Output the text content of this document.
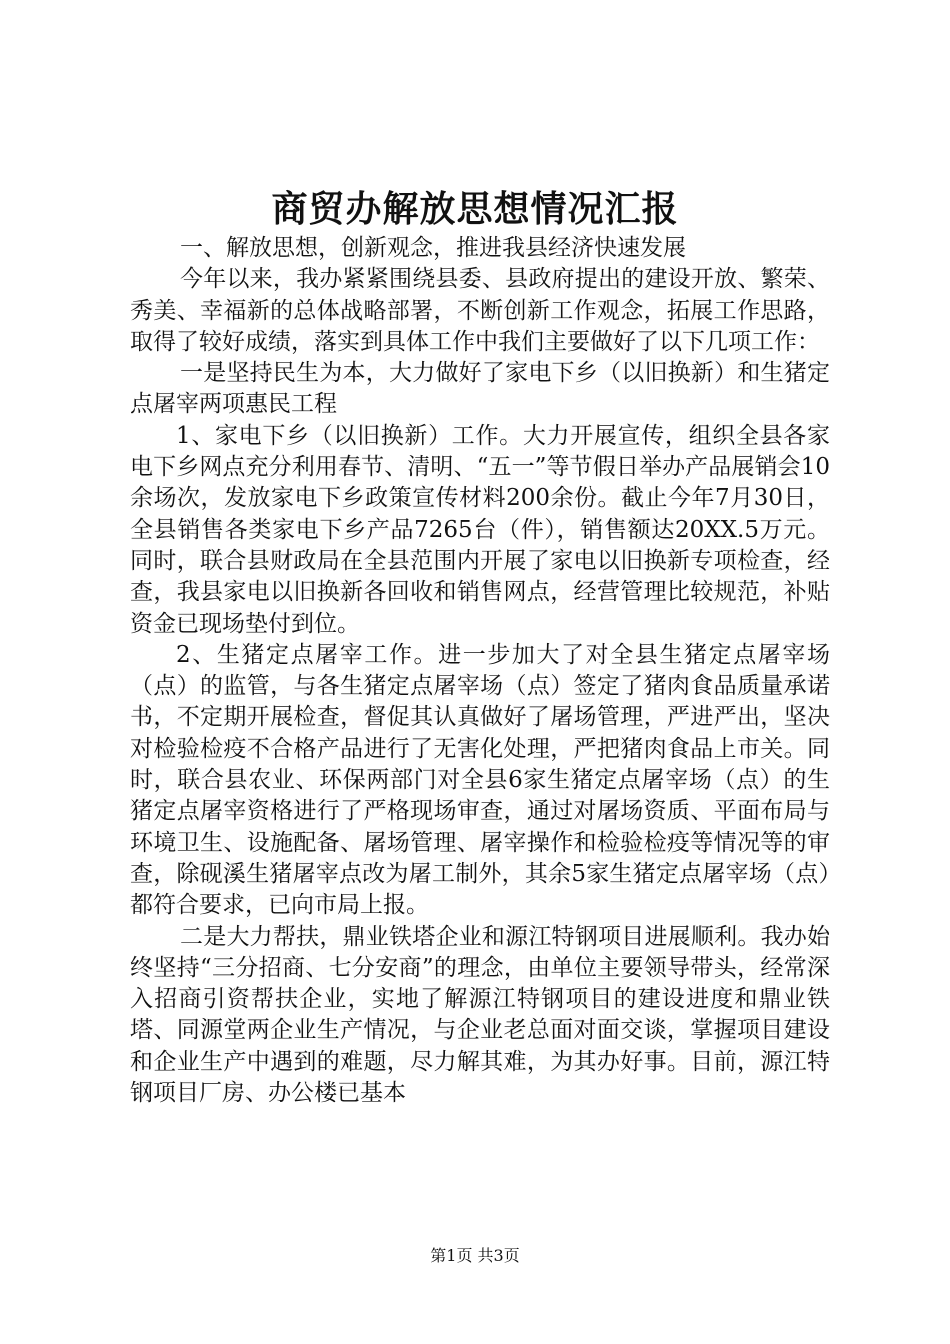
商贸办解放思想情况汇报

一、解放思想，创新观念，推进我县经济快速发展

今年以来，我办紧紧围绕县委、县政府提出的建设开放、繁荣、秀美、幸福新的总体战略部署，不断创新工作观念，拓展工作思路，取得了较好成绩，落实到具体工作中我们主要做好了以下几项工作：

一是坚持民生为本，大力做好了家电下乡（以旧换新）和生猪定点屠宰两项惠民工程

1、家电下乡（以旧换新）工作。大力开展宣传，组织全县各家电下乡网点充分利用春节、清明、“五一”等节假日举办产品展销会10余场次，发放家电下乡政策宣传材料200余份。截止今年7月30日，全县销售各类家电下乡产品7265台（件），销售额达20XX.5万元。同时，联合县财政局在全县范围内开展了家电以旧换新专项检查，经查，我县家电以旧换新各回收和销售网点，经营管理比较规范，补贴资金已现场垫付到位。

2、生猪定点屠宰工作。进一步加大了对全县生猪定点屠宰场（点）的监管，与各生猪定点屠宰场（点）签定了猪肉食品质量承诺书，不定期开展检查，督促其认真做好了屠场管理，严进严出，坚决对检验检疫不合格产品进行了无害化处理，严把猪肉食品上市关。同时，联合县农业、环保两部门对全县6家生猪定点屠宰场（点）的生猪定点屠宰资格进行了严格现场审查，通过对屠场资质、平面布局与环境卫生、设施配备、屠场管理、屠宰操作和检验检疫等情况等的审查，除砚溪生猪屠宰点改为屠工制外，其余5家生猪定点屠宰场（点）都符合要求，已向市局上报。

二是大力帮扶，鼎业铁塔企业和源江特钢项目进展顺利。我办始终坚持“三分招商、七分安商”的理念，由单位主要领导带头，经常深入招商引资帮扶企业，实地了解源江特钢项目的建设进度和鼎业铁塔、同源堂两企业生产情况，与企业老总面对面交谈，掌握项目建设和企业生产中遇到的难题，尽力解其难，为其办好事。目前，源江特钢项目厂房、办公楼已基本

第1页 共3页
